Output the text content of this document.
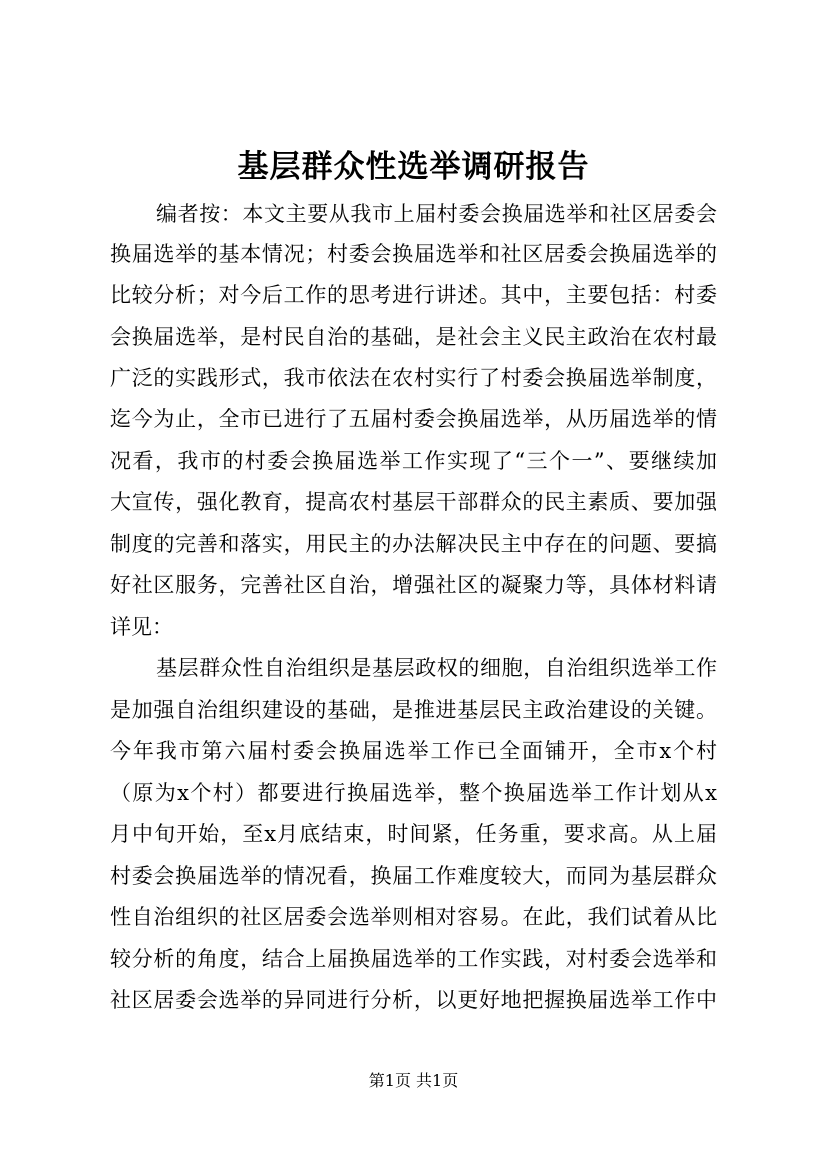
基层群众性选举调研报告

编者按：本文主要从我市上届村委会换届选举和社区居委会

换届选举的基本情况；村委会换届选举和社区居委会换届选举的

比较分析；对今后工作的思考进行讲述。其中，主要包括：村委

会换届选举，是村民自治的基础，是社会主义民主政治在农村最

广泛的实践形式，我市依法在农村实行了村委会换届选举制度，

迄今为止，全市已进行了五届村委会换届选举，从历届选举的情

况看，我市的村委会换届选举工作实现了“三个一”、要继续加

大宣传，强化教育，提高农村基层干部群众的民主素质、要加强

制度的完善和落实，用民主的办法解决民主中存在的问题、要搞

好社区服务，完善社区自治，增强社区的凝聚力等，具体材料请

详见：

基层群众性自治组织是基层政权的细胞，自治组织选举工作

是加强自治组织建设的基础，是推进基层民主政治建设的关键。

今年我市第六届村委会换届选举工作已全面铺开，全市x个村

（原为x个村）都要进行换届选举，整个换届选举工作计划从x

月中旬开始，至x月底结束，时间紧，任务重，要求高。从上届

村委会换届选举的情况看，换届工作难度较大，而同为基层群众

性自治组织的社区居委会选举则相对容易。在此，我们试着从比

较分析的角度，结合上届换届选举的工作实践，对村委会选举和

社区居委会选举的异同进行分析，以更好地把握换届选举工作中

第1页 共1页
